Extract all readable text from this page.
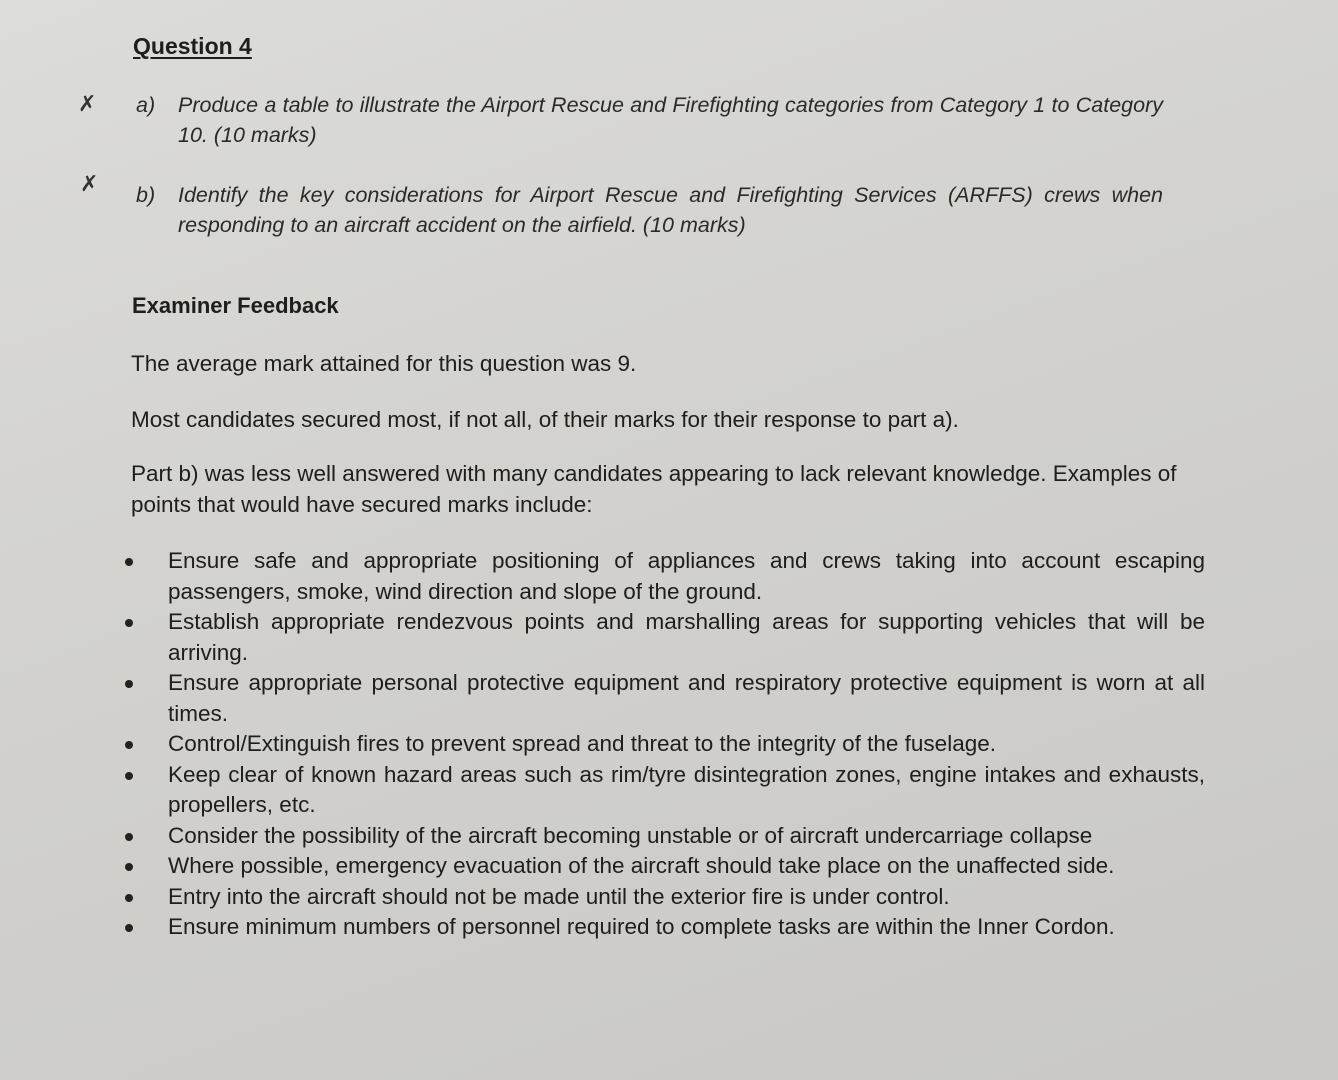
Question 4
✗
✗
a) Produce a table to illustrate the Airport Rescue and Firefighting categories from Category 1 to Category 10. (10 marks)
b) Identify the key considerations for Airport Rescue and Firefighting Services (ARFFS) crews when responding to an aircraft accident on the airfield. (10 marks)
Examiner Feedback
The average mark attained for this question was 9.
Most candidates secured most, if not all, of their marks for their response to part a).
Part b) was less well answered with many candidates appearing to lack relevant knowledge. Examples of points that would have secured marks include:
Ensure safe and appropriate positioning of appliances and crews taking into account escaping passengers, smoke, wind direction and slope of the ground.
Establish appropriate rendezvous points and marshalling areas for supporting vehicles that will be arriving.
Ensure appropriate personal protective equipment and respiratory protective equipment is worn at all times.
Control/Extinguish fires to prevent spread and threat to the integrity of the fuselage.
Keep clear of known hazard areas such as rim/tyre disintegration zones, engine intakes and exhausts, propellers, etc.
Consider the possibility of the aircraft becoming unstable or of aircraft undercarriage collapse
Where possible, emergency evacuation of the aircraft should take place on the unaffected side.
Entry into the aircraft should not be made until the exterior fire is under control.
Ensure minimum numbers of personnel required to complete tasks are within the Inner Cordon.
